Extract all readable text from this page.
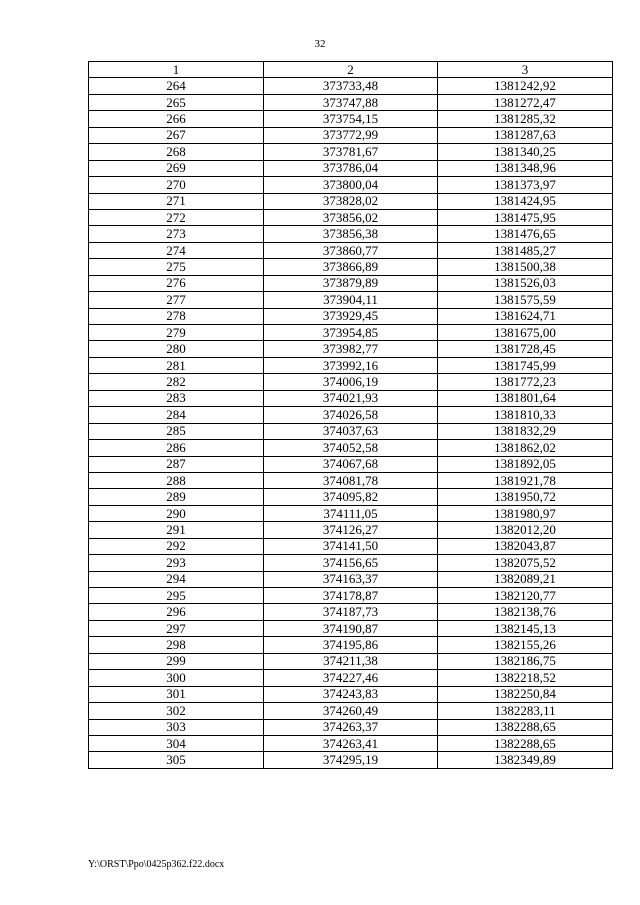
32
1	2	3
264	373733,48	1381242,92
265	373747,88	1381272,47
266	373754,15	1381285,32
267	373772,99	1381287,63
268	373781,67	1381340,25
269	373786,04	1381348,96
270	373800,04	1381373,97
271	373828,02	1381424,95
272	373856,02	1381475,95
273	373856,38	1381476,65
274	373860,77	1381485,27
275	373866,89	1381500,38
276	373879,89	1381526,03
277	373904,11	1381575,59
278	373929,45	1381624,71
279	373954,85	1381675,00
280	373982,77	1381728,45
281	373992,16	1381745,99
282	374006,19	1381772,23
283	374021,93	1381801,64
284	374026,58	1381810,33
285	374037,63	1381832,29
286	374052,58	1381862,02
287	374067,68	1381892,05
288	374081,78	1381921,78
289	374095,82	1381950,72
290	374111,05	1381980,97
291	374126,27	1382012,20
292	374141,50	1382043,87
293	374156,65	1382075,52
294	374163,37	1382089,21
295	374178,87	1382120,77
296	374187,73	1382138,76
297	374190,87	1382145,13
298	374195,86	1382155,26
299	374211,38	1382186,75
300	374227,46	1382218,52
301	374243,83	1382250,84
302	374260,49	1382283,11
303	374263,37	1382288,65
304	374263,41	1382288,65
305	374295,19	1382349,89
Y:\ORST\Ppo\0425p362.f22.docx
